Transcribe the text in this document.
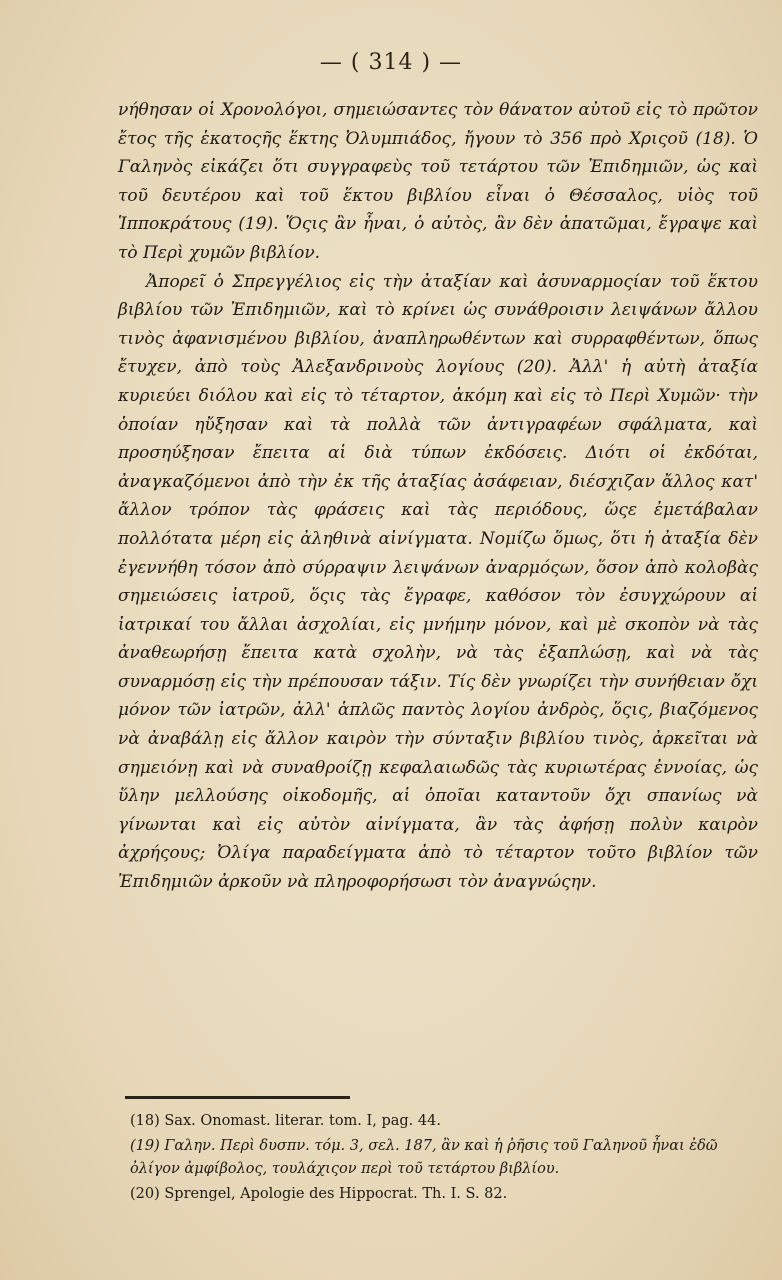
— ( 314 ) —

νήθησαν οἱ Χρονολόγοι, σημειώσαντες τὸν θάνατον αὐτοῦ εἰς τὸ πρῶτον ἔτος τῆς ἑκατοςῆς ἕκτης Ὀλυμπιάδος, ἤγουν τὸ 356 πρὸ Χριςοῦ (18). Ὁ Γαληνὸς εἰκάζει ὅτι συγγραφεὺς τοῦ τετάρτου τῶν Ἐπιδημιῶν, ὡς καὶ τοῦ δευτέρου καὶ τοῦ ἕκτου βιβλίου εἶναι ὁ Θέσσαλος, υἱὸς τοῦ Ἱπποκράτους (19). Ὅςις ἂν ἦναι, ὁ αὐτὸς, ἂν δὲν ἀπατῶμαι, ἔγραψε καὶ τὸ Περὶ χυμῶν βιβλίον.

Ἀπορεῖ ὁ Σπρεγγέλιος εἰς τὴν ἀταξίαν καὶ ἀσυναρμοςίαν τοῦ ἕκτου βιβλίου τῶν Ἐπιδημιῶν, καὶ τὸ κρίνει ὡς συνάθροισιν λειψάνων ἄλλου τινὸς ἀφανισμένου βιβλίου, ἀναπληρωθέντων καὶ συρραφθέντων, ὅπως ἔτυχεν, ἀπὸ τοὺς Ἀλεξανδρινοὺς λογίους (20). Ἀλλ' ἡ αὐτὴ ἀταξία κυριεύει διόλου καὶ εἰς τὸ τέταρτον, ἀκόμη καὶ εἰς τὸ Περὶ Χυμῶν· τὴν ὁποίαν ηὔξησαν καὶ τὰ πολλὰ τῶν ἀντιγραφέων σφάλματα, καὶ προσηύξησαν ἔπειτα αἱ διὰ τύπων ἐκδόσεις. Διότι οἱ ἐκδόται, ἀναγκαζόμενοι ἀπὸ τὴν ἐκ τῆς ἀταξίας ἀσάφειαν, διέσχιζαν ἄλλος κατ' ἄλλον τρόπον τὰς φράσεις καὶ τὰς περιόδους, ὥςε ἐμετάβαλαν πολλότατα μέρη εἰς ἀληθινὰ αἰνίγματα. Νομίζω ὅμως, ὅτι ἡ ἀταξία δὲν ἐγεννήθη τόσον ἀπὸ σύρραψιν λειψάνων ἀναρμόςων, ὅσον ἀπὸ κολοβὰς σημειώσεις ἰατροῦ, ὅςις τὰς ἔγραφε, καθόσον τὸν ἐσυγχώρουν αἱ ἰατρικαί του ἄλλαι ἀσχολίαι, εἰς μνήμην μόνον, καὶ μὲ σκοπὸν νὰ τὰς ἀναθεωρήσῃ ἔπειτα κατὰ σχολὴν, νὰ τὰς ἐξαπλώσῃ, καὶ νὰ τὰς συναρμόσῃ εἰς τὴν πρέπουσαν τάξιν. Τίς δὲν γνωρίζει τὴν συνήθειαν ὄχι μόνον τῶν ἰατρῶν, ἀλλ' ἁπλῶς παντὸς λογίου ἀνδρὸς, ὅςις, βιαζόμενος νὰ ἀναβάλῃ εἰς ἄλλον καιρὸν τὴν σύνταξιν βιβλίου τινὸς, ἀρκεῖται νὰ σημειόνῃ καὶ νὰ συναθροίζῃ κεφαλαιωδῶς τὰς κυριωτέρας ἐννοίας, ὡς ὕλην μελλούσης οἰκοδομῆς, αἱ ὁποῖαι καταντοῦν ὄχι σπανίως νὰ γίνωνται καὶ εἰς αὐτὸν αἰνίγματα, ἂν τὰς ἀφήσῃ πολὺν καιρὸν ἀχρήςους; Ὀλίγα παραδείγματα ἀπὸ τὸ τέταρτον τοῦτο βιβλίον τῶν Ἐπιδημιῶν ἀρκοῦν νὰ πληροφορήσωσι τὸν ἀναγνώςην.

(18) Sax. Onomast. literar. tom. I, pag. 44.

(19) Γαλην. Περὶ δυσπν. τόμ. 3, σελ. 187, ἂν καὶ ἡ ῥῆσις τοῦ Γαληνοῦ ἦναι ἐδῶ ὀλίγον ἀμφίβολος, τουλάχιςον περὶ τοῦ τετάρτου βιβλίου.

(20) Sprengel, Apologie des Hippocrat. Th. I. S. 82.
